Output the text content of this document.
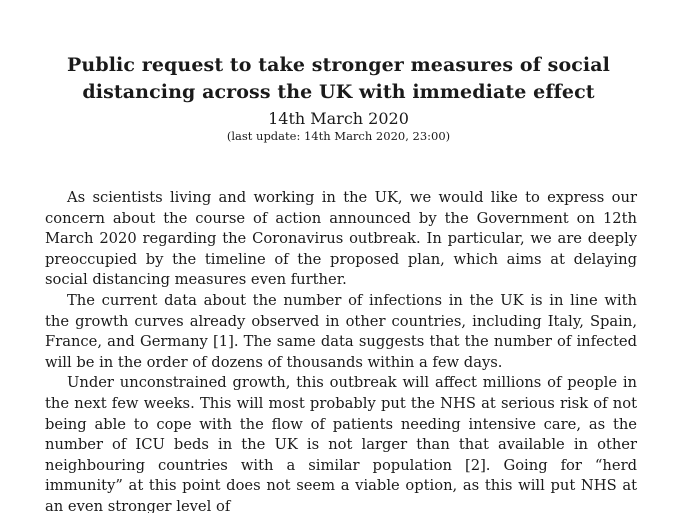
Public request to take stronger measures of social
distancing across the UK with immediate effect
14th March 2020
(last update: 14th March 2020, 23:00)

As scientists living and working in the UK, we would like to express our concern about the course of action announced by the Government on 12th March 2020 regarding the Coronavirus outbreak. In particular, we are deeply preoccupied by the timeline of the proposed plan, which aims at delaying social distancing measures even further.

The current data about the number of infections in the UK is in line with the growth curves already observed in other countries, including Italy, Spain, France, and Germany [1]. The same data suggests that the number of infected will be in the order of dozens of thousands within a few days.

Under unconstrained growth, this outbreak will affect millions of people in the next few weeks. This will most probably put the NHS at serious risk of not being able to cope with the flow of patients needing intensive care, as the number of ICU beds in the UK is not larger than that available in other neighbouring countries with a similar population [2]. Going for “herd immunity” at this point does not seem a viable option, as this will put NHS at an even stronger level of
